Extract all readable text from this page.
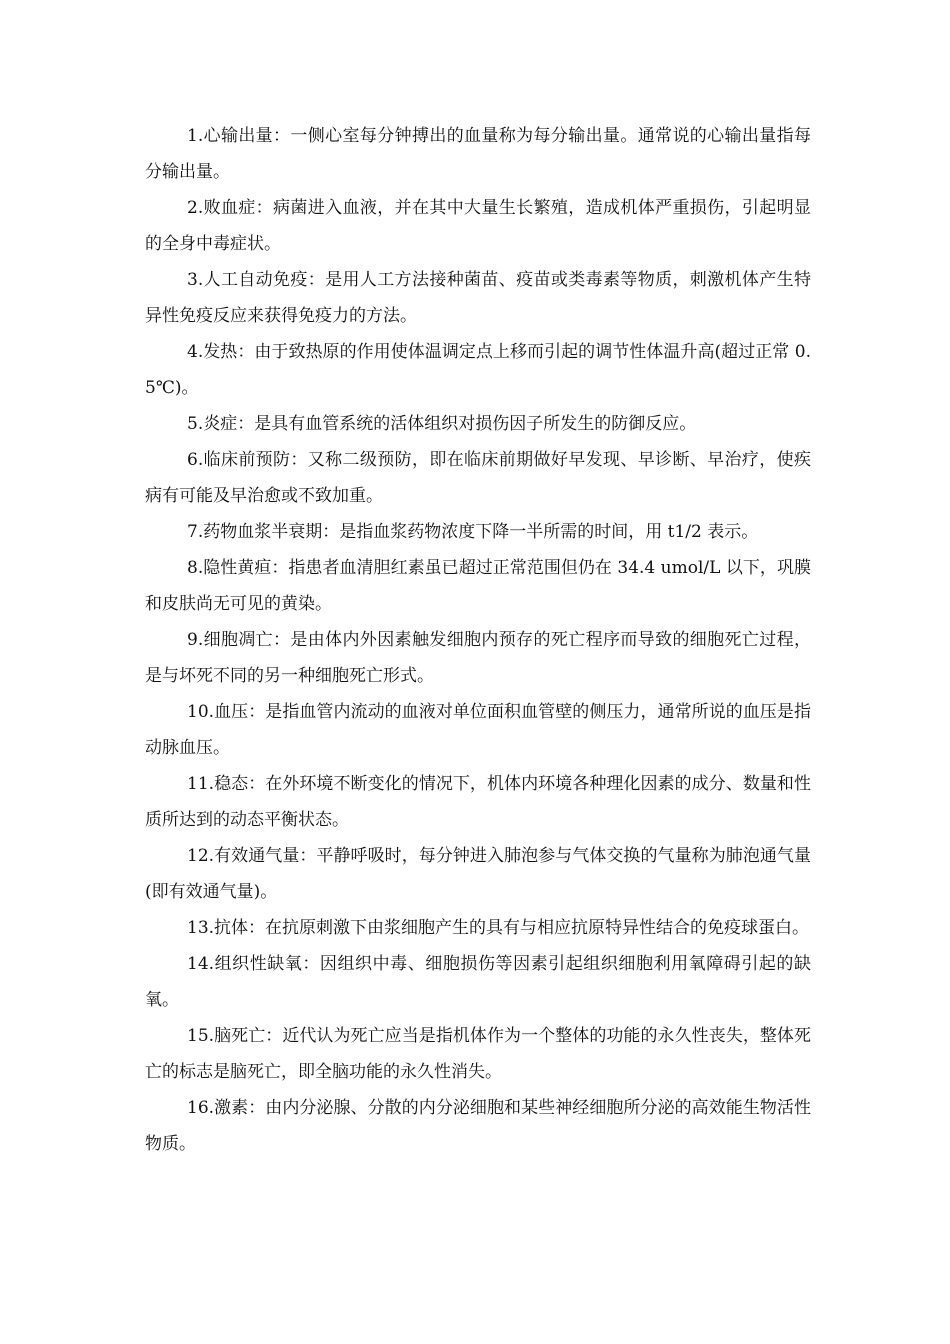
1.心输出量：一侧心室每分钟搏出的血量称为每分输出量。通常说的心输出量指每分输出量。

2.败血症：病菌进入血液，并在其中大量生长繁殖，造成机体严重损伤，引起明显的全身中毒症状。

3.人工自动免疫：是用人工方法接种菌苗、疫苗或类毒素等物质，刺激机体产生特异性免疫反应来获得免疫力的方法。

4.发热：由于致热原的作用使体温调定点上移而引起的调节性体温升高(超过正常 0.5℃)。

5.炎症：是具有血管系统的活体组织对损伤因子所发生的防御反应。

6.临床前预防：又称二级预防，即在临床前期做好早发现、早诊断、早治疗，使疾病有可能及早治愈或不致加重。

7.药物血浆半衰期：是指血浆药物浓度下降一半所需的时间，用 t1/2 表示。

8.隐性黄疸：指患者血清胆红素虽已超过正常范围但仍在 34.4 umol/L 以下，巩膜和皮肤尚无可见的黄染。

9.细胞凋亡：是由体内外因素触发细胞内预存的死亡程序而导致的细胞死亡过程，是与坏死不同的另一种细胞死亡形式。

10.血压：是指血管内流动的血液对单位面积血管壁的侧压力，通常所说的血压是指动脉血压。

11.稳态：在外环境不断变化的情况下，机体内环境各种理化因素的成分、数量和性质所达到的动态平衡状态。

12.有效通气量：平静呼吸时，每分钟进入肺泡参与气体交换的气量称为肺泡通气量(即有效通气量)。

13.抗体：在抗原刺激下由浆细胞产生的具有与相应抗原特异性结合的免疫球蛋白。

14.组织性缺氧：因组织中毒、细胞损伤等因素引起组织细胞利用氧障碍引起的缺氧。

15.脑死亡：近代认为死亡应当是指机体作为一个整体的功能的永久性丧失，整体死亡的标志是脑死亡，即全脑功能的永久性消失。

16.激素：由内分泌腺、分散的内分泌细胞和某些神经细胞所分泌的高效能生物活性物质。
